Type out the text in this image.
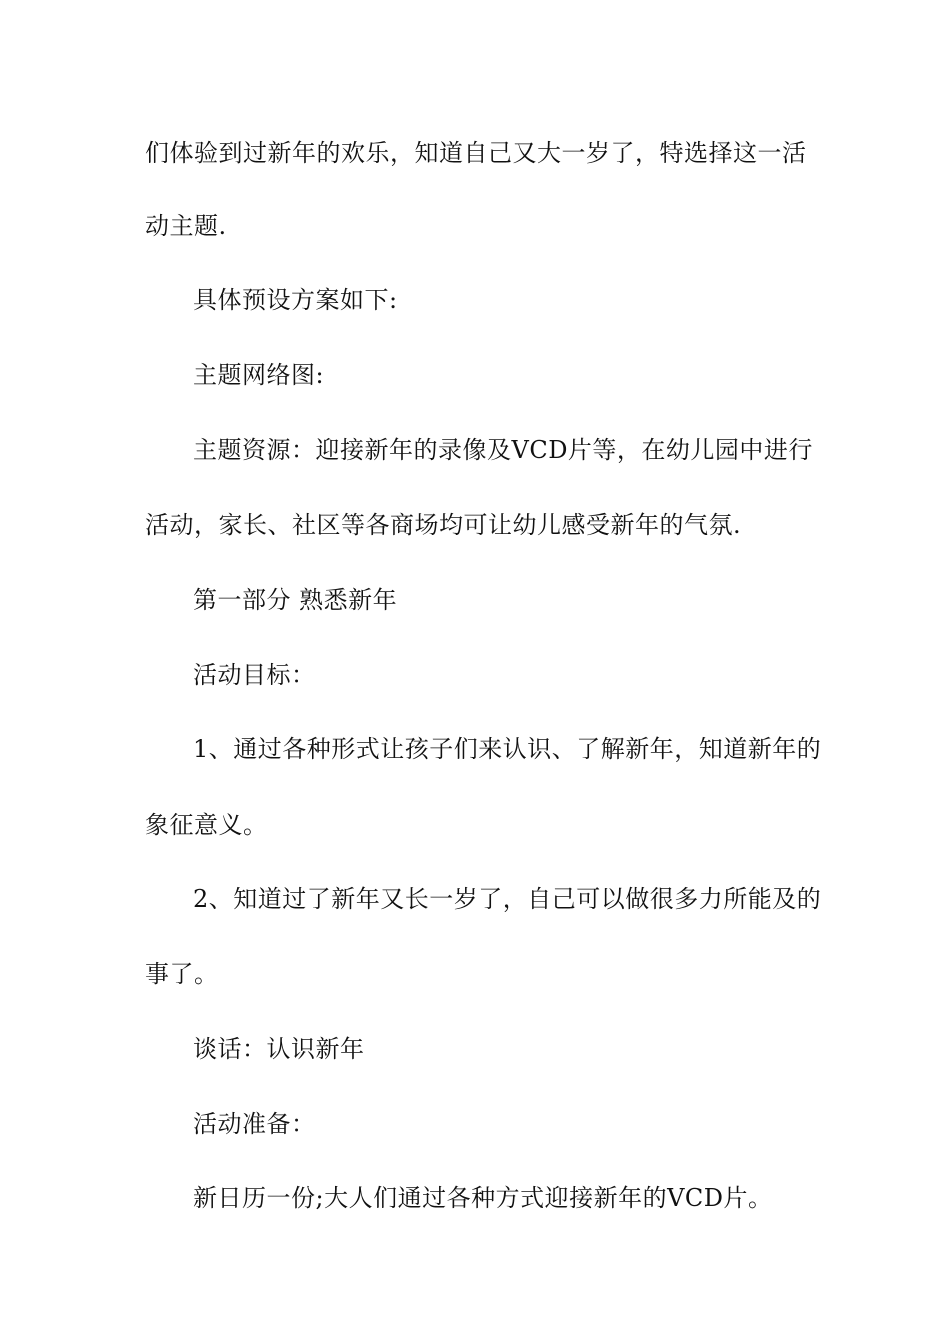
们体验到过新年的欢乐，知道自己又大一岁了，特选择这一活
动主题.
具体预设方案如下:
主题网络图:
主题资源：迎接新年的录像及VCD片等，在幼儿园中进行
活动，家长、社区等各商场均可让幼儿感受新年的气氛.
第一部分 熟悉新年
活动目标：
1、通过各种形式让孩子们来认识、了解新年，知道新年的
象征意义。
2、知道过了新年又长一岁了，自己可以做很多力所能及的
事了。
谈话：认识新年
活动准备：
新日历一份;大人们通过各种方式迎接新年的VCD片。
